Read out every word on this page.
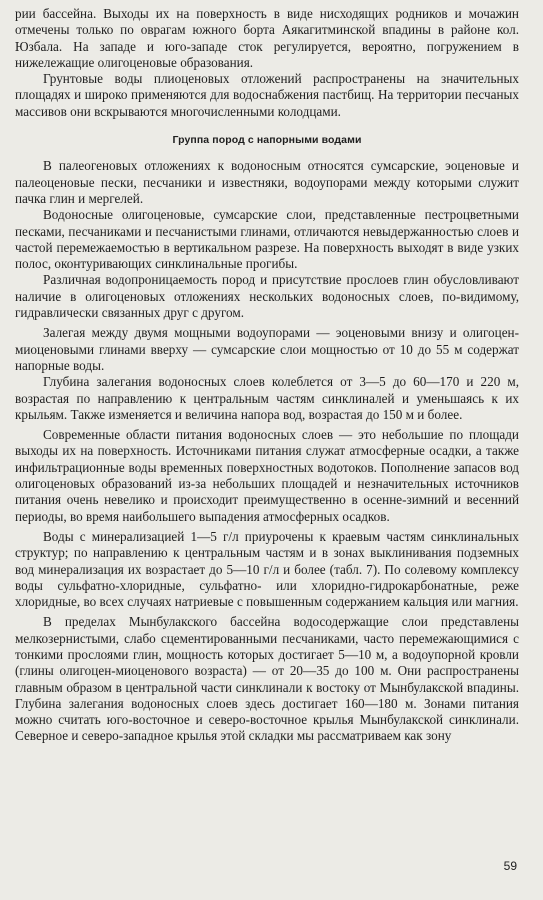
рии бассейна. Выходы их на поверхность в виде нисходящих родников и мочажин отмечены только по оврагам южного борта Аякагитминской впадины в районе кол. Юзбала. На западе и юго-западе сток регулируется, вероятно, погружением в нижележащие олигоценовые образования.

Грунтовые воды плиоценовых отложений распространены на значительных площадях и широко применяются для водоснабжения пастбищ. На территории песчаных массивов они вскрываются многочисленными колодцами.

Группа пород с напорными водами

В палеогеновых отложениях к водоносным относятся сумсарские, эоценовые и палеоценовые пески, песчаники и известняки, водоупорами между которыми служит пачка глин и мергелей.

Водоносные олигоценовые, сумсарские слои, представленные пестроцветными песками, песчаниками и песчанистыми глинами, отличаются невыдержанностью слоев и частой перемежаемостью в вертикальном разрезе. На поверхность выходят в виде узких полос, оконтуривающих синклинальные прогибы.

Различная водопроницаемость пород и присутствие прослоев глин обусловливают наличие в олигоценовых отложениях нескольких водоносных слоев, по-видимому, гидравлически связанных друг с другом.

Залегая между двумя мощными водоупорами — эоценовыми внизу и олигоцен-миоценовыми глинами вверху — сумсарские слои мощностью от 10 до 55 м содержат напорные воды.

Глубина залегания водоносных слоев колеблется от 3—5 до 60—170 и 220 м, возрастая по направлению к центральным частям синклиналей и уменьшаясь к их крыльям. Также изменяется и величина напора вод, возрастая до 150 м и более.

Современные области питания водоносных слоев — это небольшие по площади выходы их на поверхность. Источниками питания служат атмосферные осадки, а также инфильтрационные воды временных поверхностных водотоков. Пополнение запасов вод олигоценовых образований из-за небольших площадей и незначительных источников питания очень невелико и происходит преимущественно в осенне-зимний и весенний периоды, во время наибольшего выпадения атмосферных осадков.

Воды с минерализацией 1—5 г/л приурочены к краевым частям синклинальных структур; по направлению к центральным частям и в зонах выклинивания подземных вод минерализация их возрастает до 5—10 г/л и более (табл. 7). По солевому комплексу воды сульфатно-хлоридные, сульфатно- или хлоридно-гидрокарбонатные, реже хлоридные, во всех случаях натриевые с повышенным содержанием кальция или магния.

В пределах Мынбулакского бассейна водосодержащие слои представлены мелкозернистыми, слабо сцементированными песчаниками, часто перемежающимися с тонкими прослоями глин, мощность которых достигает 5—10 м, а водоупорной кровли (глины олигоцен-миоценового возраста) — от 20—35 до 100 м. Они распространены главным образом в центральной части синклинали к востоку от Мынбулакской впадины. Глубина залегания водоносных слоев здесь достигает 160—180 м. Зонами питания можно считать юго-восточное и северо-восточное крылья Мынбулакской синклинали. Северное и северо-западное крылья этой складки мы рассматриваем как зону

59
